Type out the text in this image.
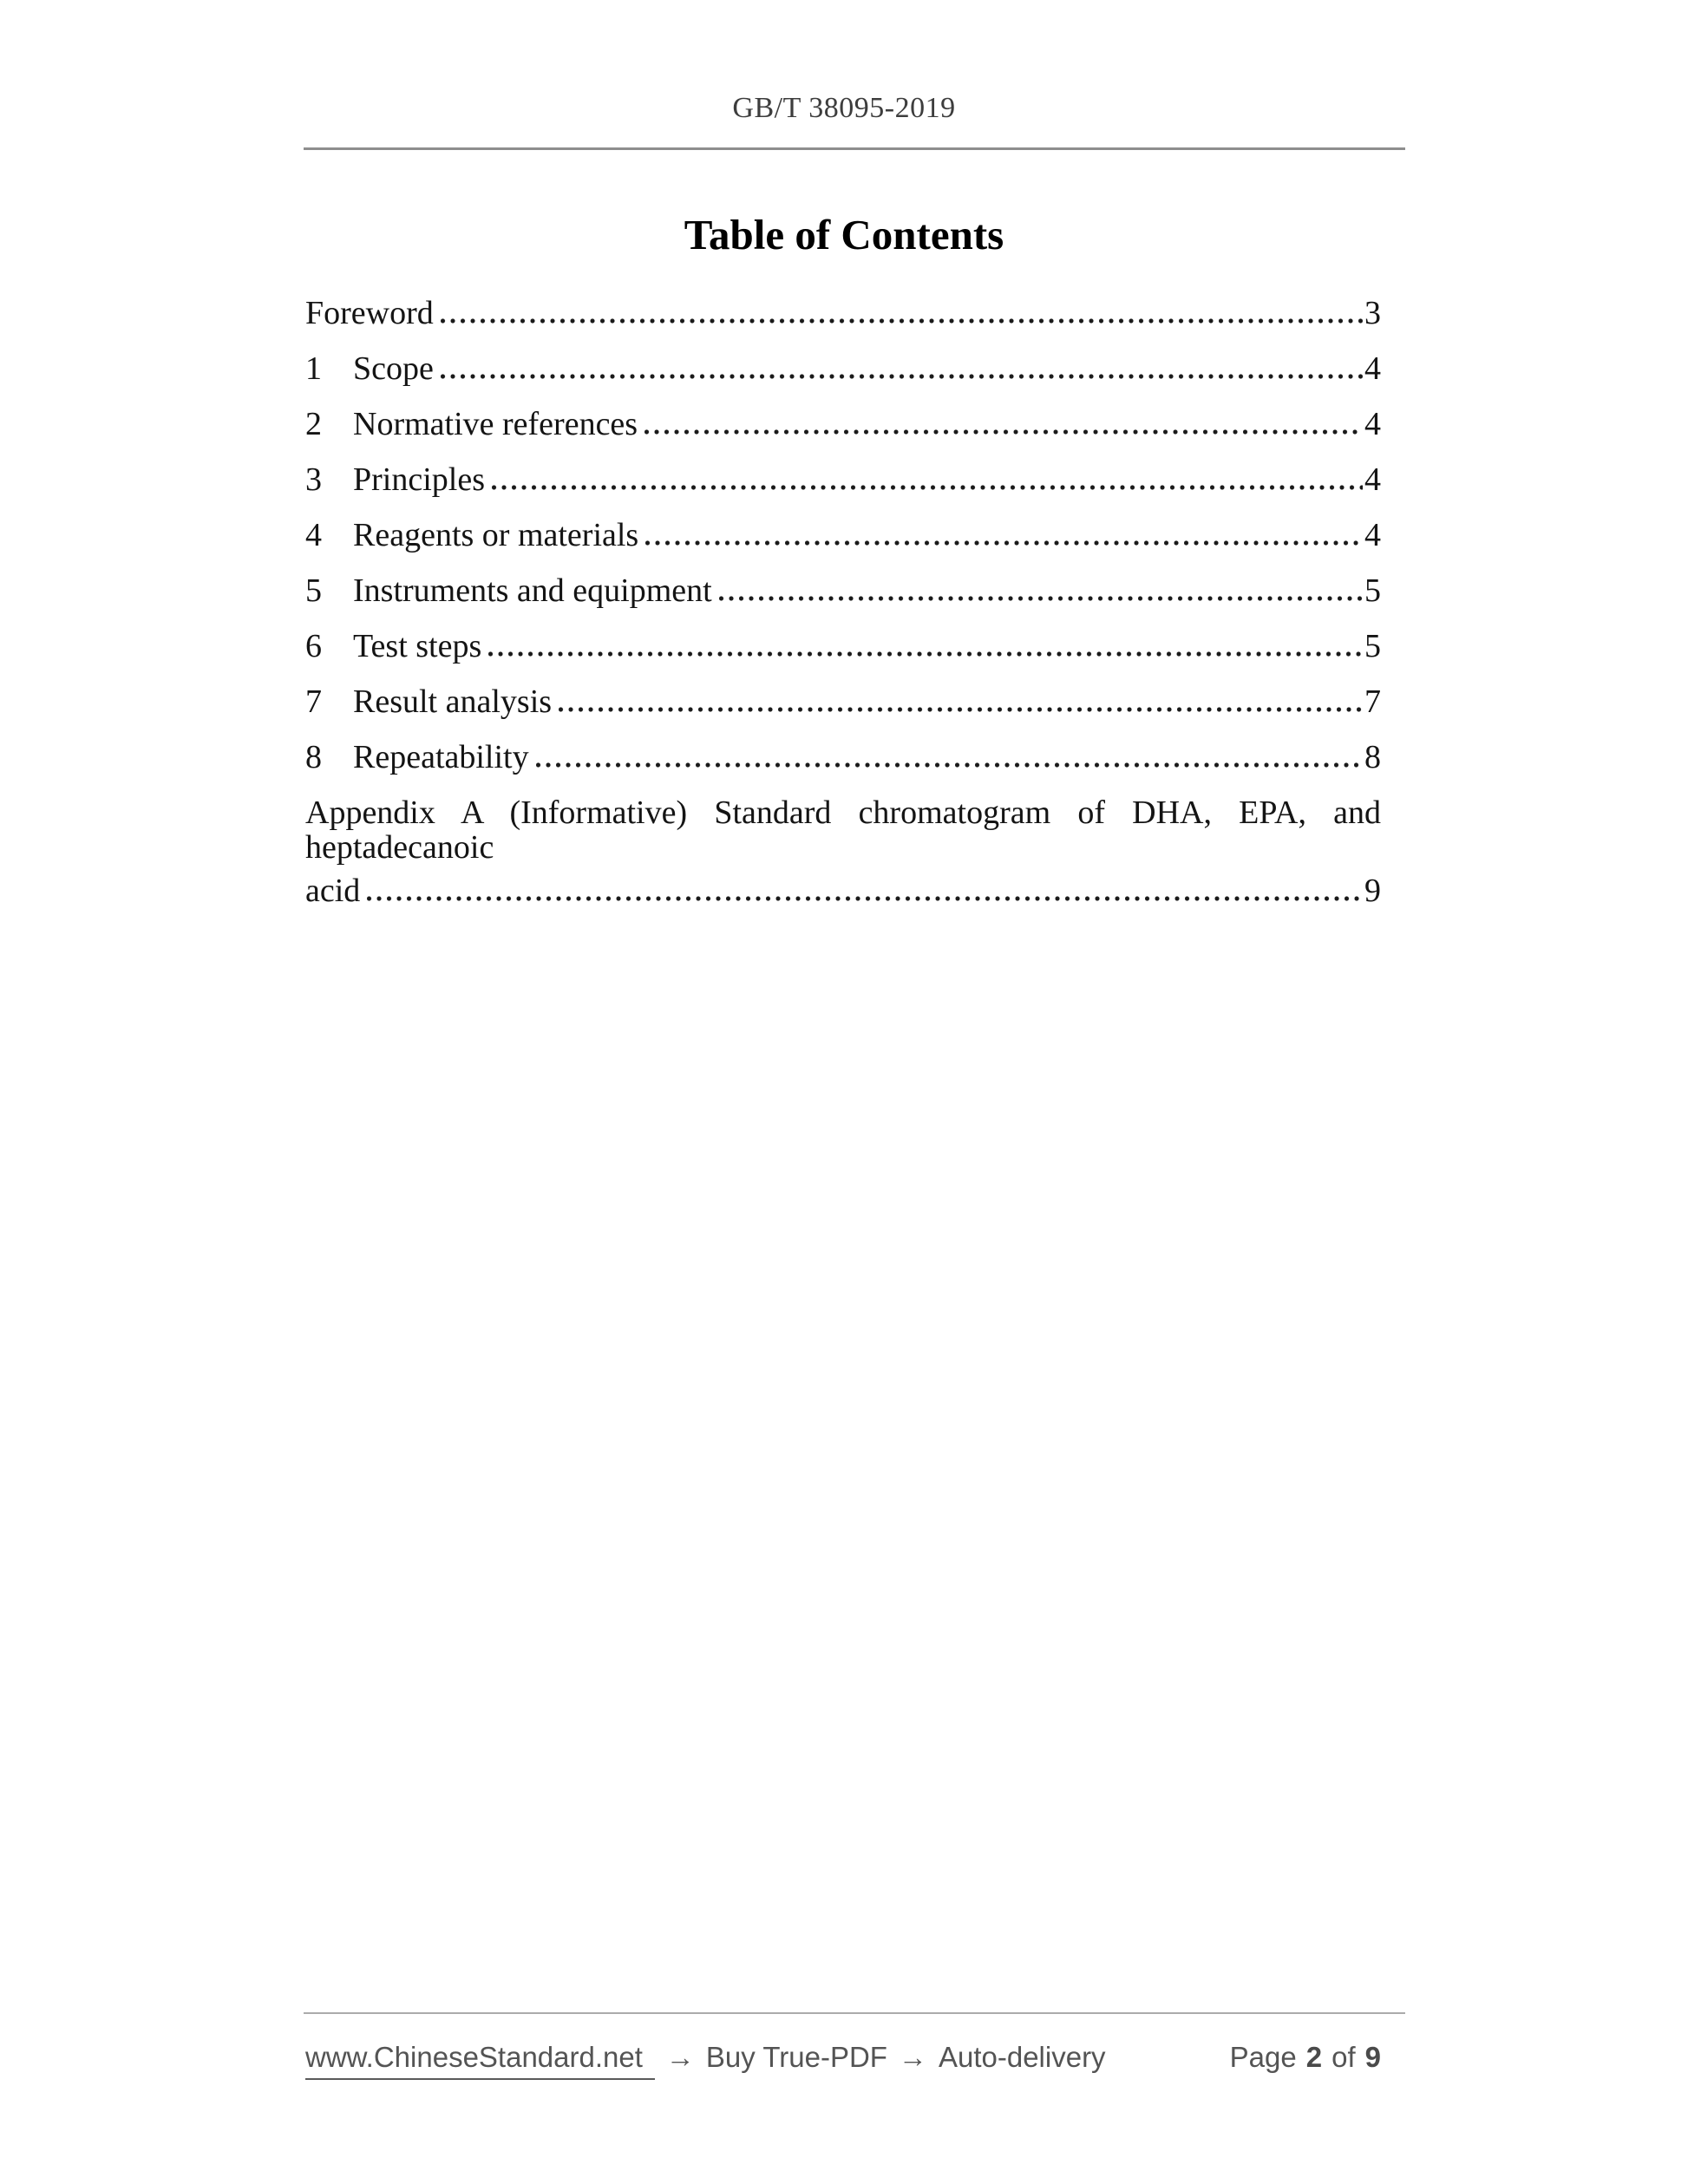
GB/T 38095-2019
Table of Contents
Foreword	3
1 Scope	4
2 Normative references	4
3 Principles	4
4 Reagents or materials	4
5 Instruments and equipment	5
6 Test steps	5
7 Result analysis	7
8 Repeatability	8
Appendix A (Informative) Standard chromatogram of DHA, EPA, and heptadecanoic
acid	9
www.ChineseStandard.net → Buy True-PDF → Auto-delivery	Page 2 of 9
